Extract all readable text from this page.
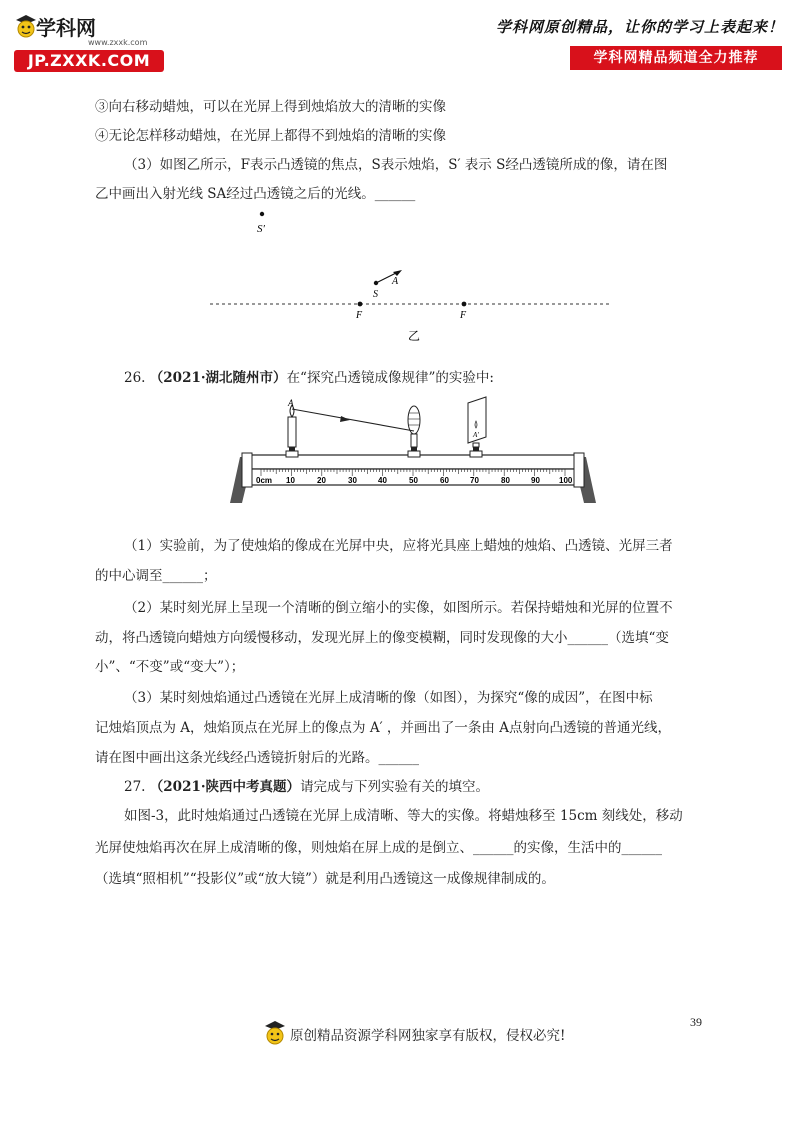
学科网
www.zxxk.com
JP.ZXXK.COM
学科网原创精品，让你的学习上表起来！
学科网精品频道全力推荐
③向右移动蜡烛，可以在光屏上得到烛焰放大的清晰的实像
④无论怎样移动蜡烛，在光屏上都得不到烛焰的清晰的实像
（3）如图乙所示，F表示凸透镜的焦点，S表示烛焰，S′ 表示 S经凸透镜所成的像，请在图
乙中画出入射光线 SA经过凸透镜之后的光线。______
S′
A
S
F	F
乙
26. （2021·湖北随州市）在“探究凸透镜成像规律”的实验中:
0cm 10	20	30	40	50	60	70	80	90 100
A
A′
（1）实验前，为了使烛焰的像成在光屏中央，应将光具座上蜡烛的烛焰、凸透镜、光屏三者
的中心调至______；
（2）某时刻光屏上呈现一个清晰的倒立缩小的实像，如图所示。若保持蜡烛和光屏的位置不
动，将凸透镜向蜡烛方向缓慢移动，发现光屏上的像变模糊，同时发现像的大小______（选填“变
小”、“不变”或“变大”）；
（3）某时刻烛焰通过凸透镜在光屏上成清晰的像（如图），为探究“像的成因”，在图中标
记烛焰顶点为 A，烛焰顶点在光屏上的像点为 A′ ，并画出了一条由 A点射向凸透镜的普通光线，
请在图中画出这条光线经凸透镜折射后的光路。______
27. （2021·陕西中考真题）请完成与下列实验有关的填空。
如图-3，此时烛焰通过凸透镜在光屏上成清晰、等大的实像。将蜡烛移至 15cm 刻线处，移动
光屏使烛焰再次在屏上成清晰的像，则烛焰在屏上成的是倒立、______的实像，生活中的______
（选填“照相机”“投影仪”或“放大镜”）就是利用凸透镜这一成像规律制成的。
39
原创精品资源学科网独家享有版权，侵权必究!
